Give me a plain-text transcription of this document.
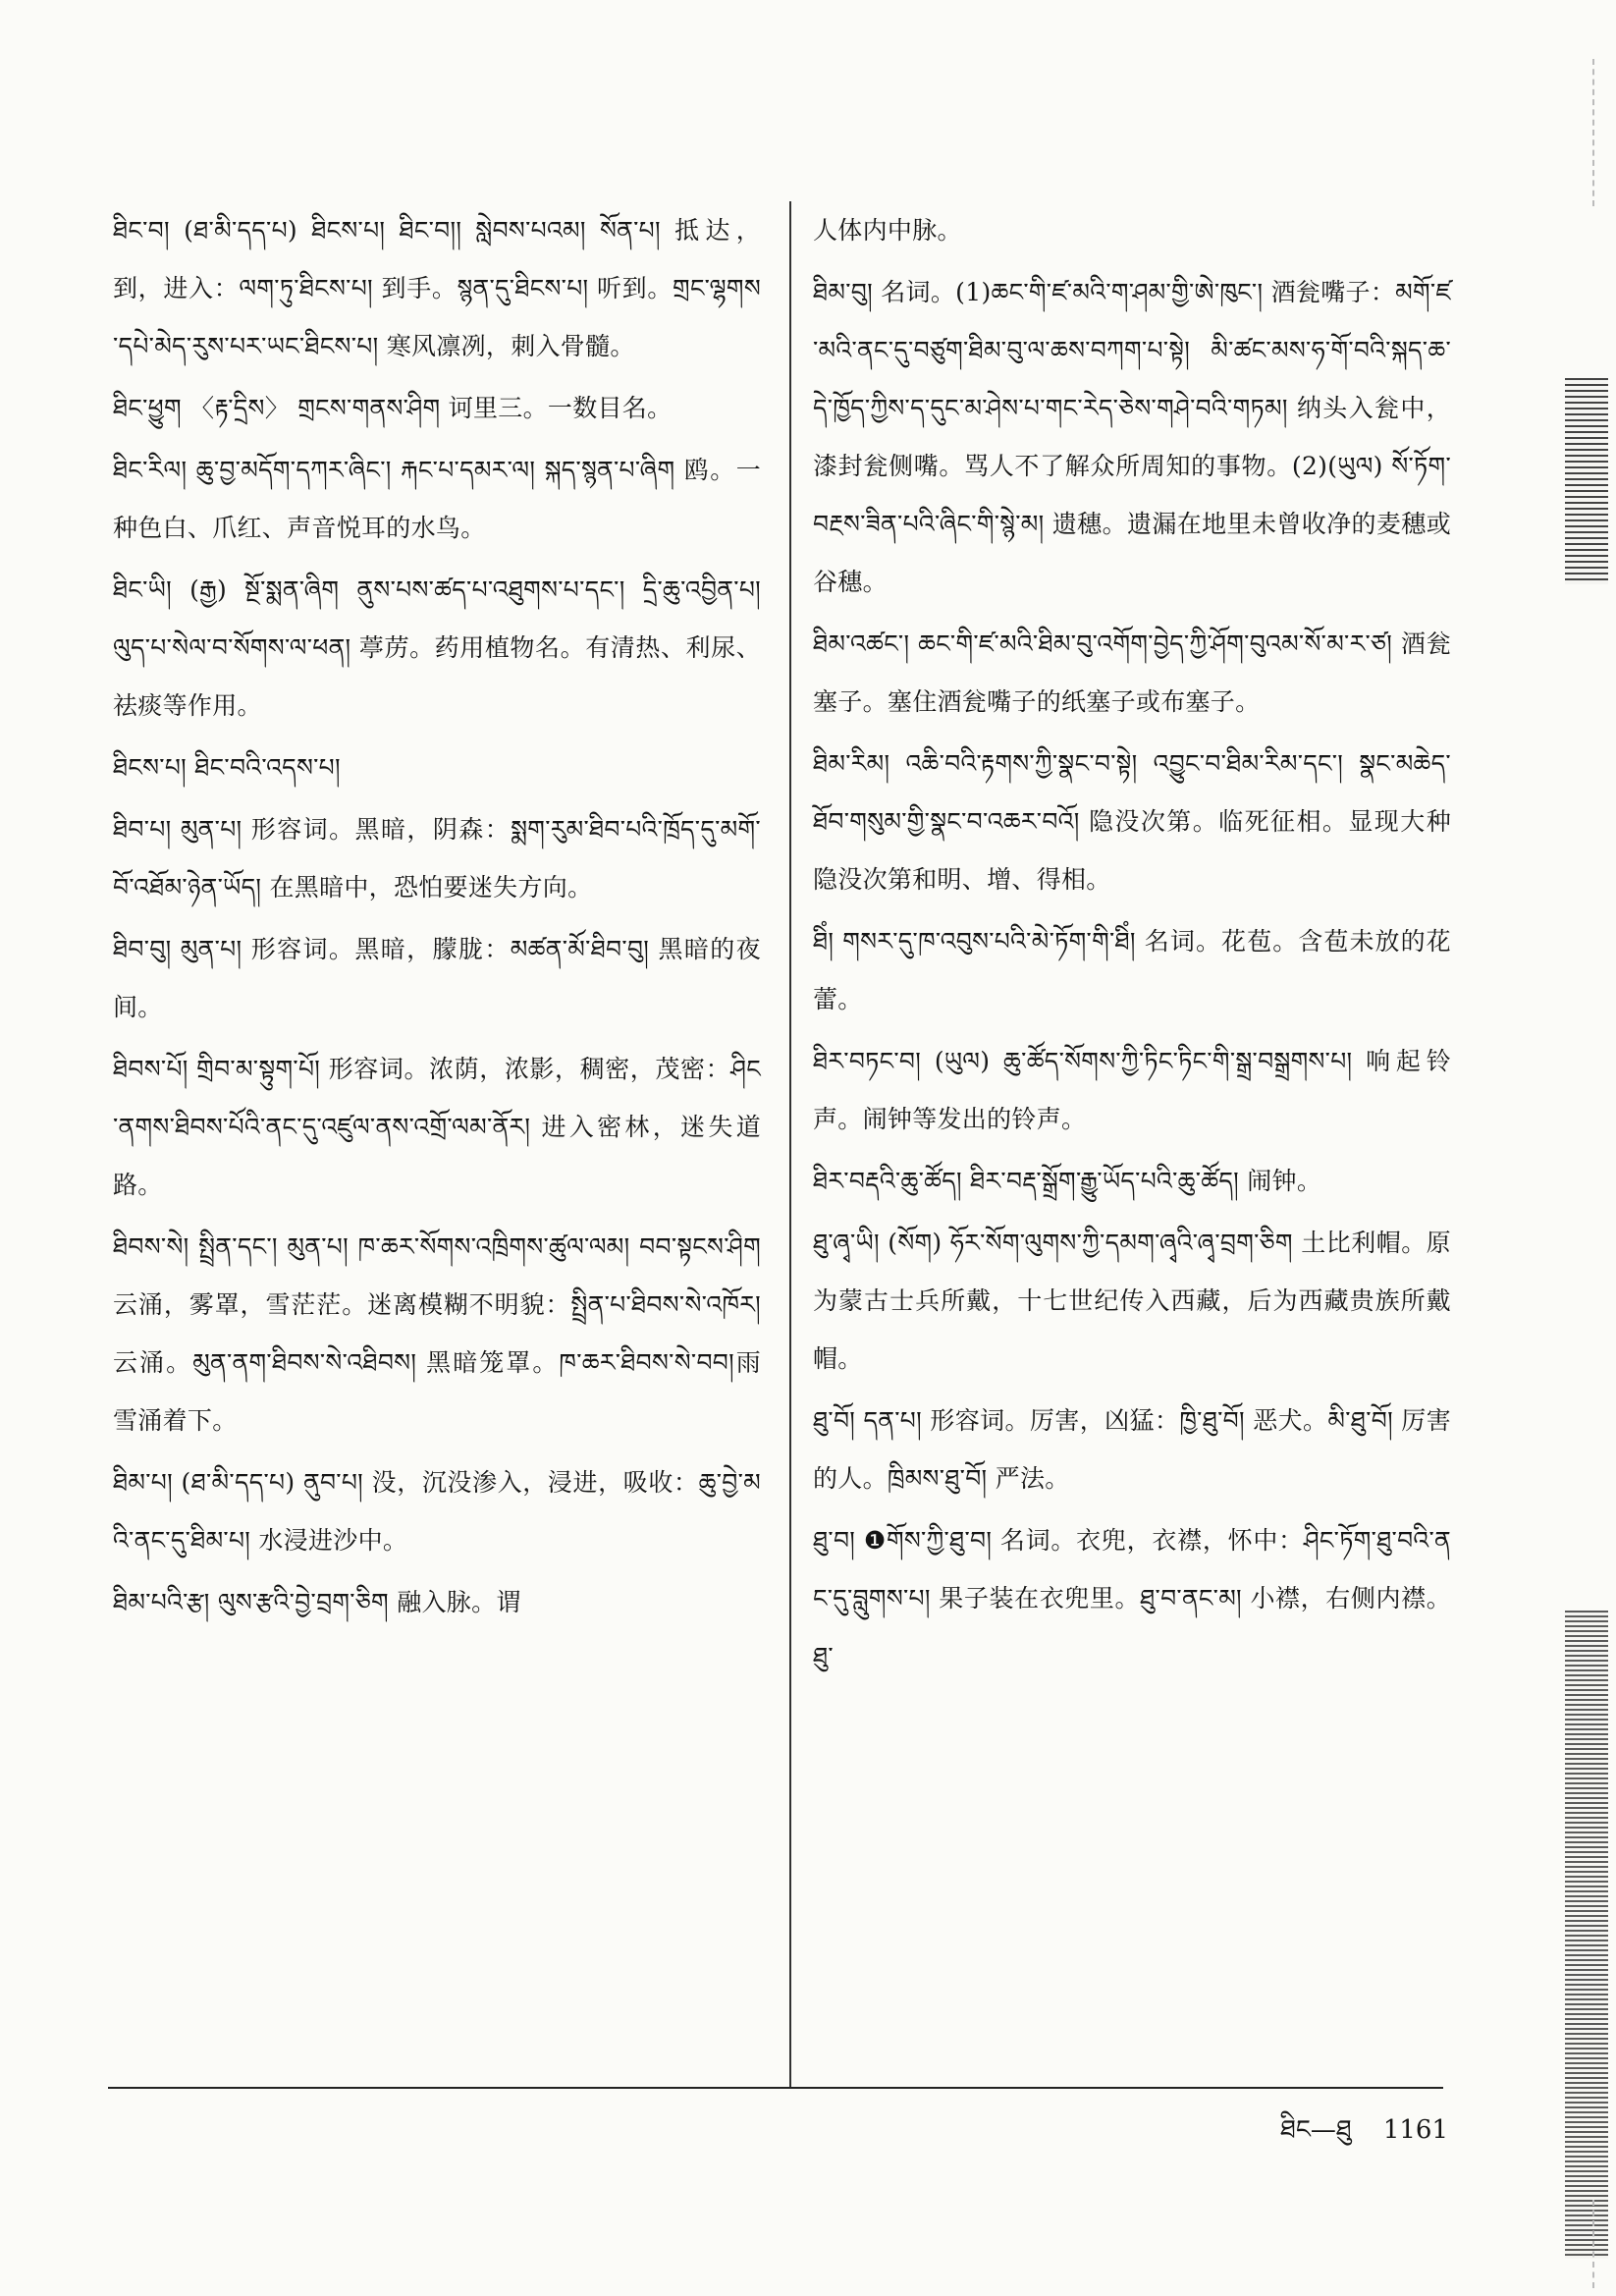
ཐིང་བ། (ཐ་མི་དད་པ) ཐིངས་པ། ཐིང་བ།། སླེབས་པའམ། སོན་པ། 抵达，到，进入：ལག་ཏུ་ཐིངས་པ། 到手。སྙན་དུ་ཐིངས་པ། 听到。གྲང་ལྷགས་དཔེ་མེད་རུས་པར་ཡང་ཐིངས་པ། 寒风凛冽，刺入骨髓。

ཐིང་ཕྱུག 〈རྟ་དྲིས〉 གྲངས་གནས་ཤིག 诃里三。一数目名。

ཐིང་རིལ། ཆུ་བྱ་མདོག་དཀར་ཞིང་། རྐང་པ་དམར་ལ། སྐད་སྙན་པ་ཞིག 鸥。一种色白、爪红、声音悦耳的水鸟。

ཐིང་ཡི། (རྒྱ) སྔོ་སྨན་ཞིག ནུས་པས་ཚད་པ་འཐུགས་པ་དང་། དྲི་ཆུ་འབྱིན་པ། ལུད་པ་སེལ་བ་སོགས་ལ་ཕན། 葶苈。药用植物名。有清热、利尿、祛痰等作用。

ཐིངས་པ། ཐིང་བའི་འདས་པ།

ཐིབ་པ། མུན་པ། 形容词。黑暗，阴森：སྨག་རུམ་ཐིབ་པའི་ཁྲོད་དུ་མགོ་བོ་འཐོམ་ཉེན་ཡོད། 在黑暗中，恐怕要迷失方向。

ཐིབ་བུ། མུན་པ། 形容词。黑暗，朦胧：མཚན་མོ་ཐིབ་བུ། 黑暗的夜间。

ཐིབས་པོ། གྲིབ་མ་སྟུག་པོ། 形容词。浓荫，浓影，稠密，茂密：ཤིང་ནགས་ཐིབས་པོའི་ནང་དུ་འཛུལ་ནས་འགྲོ་ལམ་ནོར། 进入密林，迷失道路。

ཐིབས་སེ། སྤྲིན་དང་། མུན་པ། ཁ་ཆར་སོགས་འཁྲིགས་ཚུལ་ལམ། བབ་སྟངས་ཤིག 云涌，雾罩，雪茫茫。迷离模糊不明貌：སྤྲིན་པ་ཐིབས་སེ་འཁོར། 云涌。མུན་ནག་ཐིབས་སེ་འཐིབས། 黑暗笼罩。ཁ་ཆར་ཐིབས་སེ་བབ།雨雪涌着下。

ཐིམ་པ། (ཐ་མི་དད་པ) ནུབ་པ། 没，沉没渗入，浸进，吸收：ཆུ་བྱེ་མའི་ནང་དུ་ཐིམ་པ། 水浸进沙中。

ཐིམ་པའི་རྩ། ལུས་རྩའི་བྱེ་བྲག་ཅིག 融入脉。谓

人体内中脉。

ཐིམ་བུ། 名词。(1)ཆང་གི་ཛ་མའི་ག་ཤམ་གྱི་ཨེ་ཁུང་། 酒瓮嘴子：མགོ་ཛ་མའི་ནང་དུ་བཙུག་ཐིམ་བུ་ལ་ཆས་བཀག་པ་སྟེ། མི་ཚང་མས་ཧ་གོ་བའི་སྐད་ཆ་དེ་ཁྱོད་ཀྱིས་ད་དུང་མ་ཤེས་པ་གང་རེད་ཅེས་གཤེ་བའི་གཏམ། 纳头入瓮中，漆封瓮侧嘴。骂人不了解众所周知的事物。(2)(ཡུལ) སོ་ཏོག་བརྔས་ཟིན་པའི་ཞིང་གི་སྙེ་མ། 遗穗。遗漏在地里未曾收净的麦穗或谷穗。

ཐིམ་འཚང་། ཆང་གི་ཛ་མའི་ཐིམ་བུ་འགོག་བྱེད་ཀྱི་ཤོག་བུའམ་སོ་མ་ར་ཙ། 酒瓮塞子。塞住酒瓮嘴子的纸塞子或布塞子。

ཐིམ་རིམ། འཆི་བའི་རྟགས་ཀྱི་སྣང་བ་སྟེ། འབྱུང་བ་ཐིམ་རིམ་དང་། སྣང་མཆེད་ཐོབ་གསུམ་གྱི་སྣང་བ་འཆར་བའོ། 隐没次第。临死征相。显现大种隐没次第和明、增、得相。

ཐིཾ། གསར་དུ་ཁ་འབུས་པའི་མེ་ཏོག་གི་ཐིཾ། 名词。花苞。含苞未放的花蕾。

ཐིར་བཏང་བ། (ཡུལ) ཆུ་ཚོད་སོགས་ཀྱི་ཏིང་ཏིང་གི་སྒྲ་བསྒྲགས་པ། 响起铃声。闹钟等发出的铃声。

ཐིར་བརྡའི་ཆུ་ཚོད། ཐིར་བརྡ་སྒྲོག་རྒྱུ་ཡོད་པའི་ཆུ་ཚོད། 闹钟。

ཐུ་ཞྭ་ཡི། (སོག) ཧོར་སོག་ལུགས་ཀྱི་དམག་ཞྭའི་ཞྭ་བྲག་ཅིག 土比利帽。原为蒙古士兵所戴，十七世纪传入西藏，后为西藏贵族所戴帽。

ཐུ་བོ། དན་པ། 形容词。厉害，凶猛：ཁྱི་ཐུ་བོ། 恶犬。མི་ཐུ་བོ། 厉害的人。ཁྲིམས་ཐུ་བོ། 严法。

ཐུ་བ། ❶གོས་ཀྱི་ཐུ་བ། 名词。衣兜，衣襟，怀中：ཤིང་ཏོག་ཐུ་བའི་ནང་དུ་བླུགས་པ། 果子装在衣兜里。ཐུ་བ་ནང་མ། 小襟，右侧内襟。ཐུ་

ཐིང—ཐུ 1161
